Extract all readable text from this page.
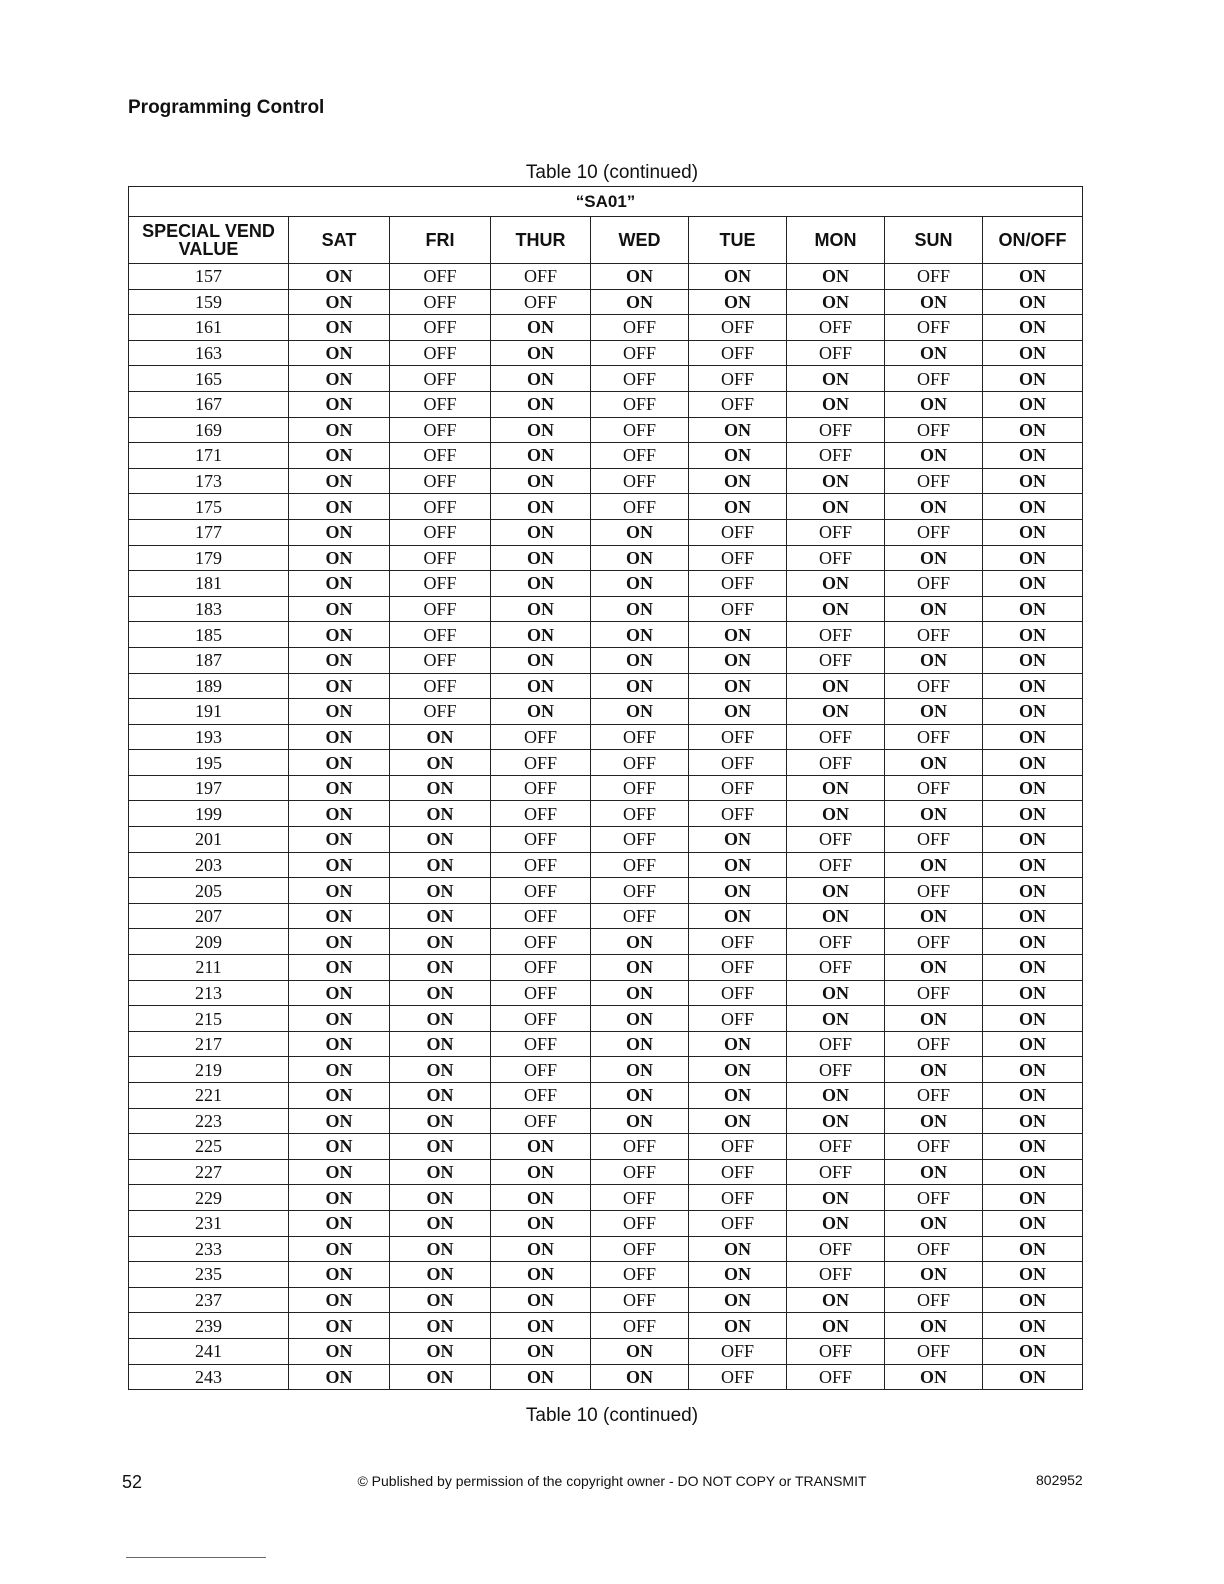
Programming Control
Table 10 (continued)
“SA01”								
SPECIAL VEND VALUE	SAT	FRI	THUR	WED	TUE	MON	SUN	ON/OFF
157	ON	OFF	OFF	ON	ON	ON	OFF	ON
159	ON	OFF	OFF	ON	ON	ON	ON	ON
161	ON	OFF	ON	OFF	OFF	OFF	OFF	ON
163	ON	OFF	ON	OFF	OFF	OFF	ON	ON
165	ON	OFF	ON	OFF	OFF	ON	OFF	ON
167	ON	OFF	ON	OFF	OFF	ON	ON	ON
169	ON	OFF	ON	OFF	ON	OFF	OFF	ON
171	ON	OFF	ON	OFF	ON	OFF	ON	ON
173	ON	OFF	ON	OFF	ON	ON	OFF	ON
175	ON	OFF	ON	OFF	ON	ON	ON	ON
177	ON	OFF	ON	ON	OFF	OFF	OFF	ON
179	ON	OFF	ON	ON	OFF	OFF	ON	ON
181	ON	OFF	ON	ON	OFF	ON	OFF	ON
183	ON	OFF	ON	ON	OFF	ON	ON	ON
185	ON	OFF	ON	ON	ON	OFF	OFF	ON
187	ON	OFF	ON	ON	ON	OFF	ON	ON
189	ON	OFF	ON	ON	ON	ON	OFF	ON
191	ON	OFF	ON	ON	ON	ON	ON	ON
193	ON	ON	OFF	OFF	OFF	OFF	OFF	ON
195	ON	ON	OFF	OFF	OFF	OFF	ON	ON
197	ON	ON	OFF	OFF	OFF	ON	OFF	ON
199	ON	ON	OFF	OFF	OFF	ON	ON	ON
201	ON	ON	OFF	OFF	ON	OFF	OFF	ON
203	ON	ON	OFF	OFF	ON	OFF	ON	ON
205	ON	ON	OFF	OFF	ON	ON	OFF	ON
207	ON	ON	OFF	OFF	ON	ON	ON	ON
209	ON	ON	OFF	ON	OFF	OFF	OFF	ON
211	ON	ON	OFF	ON	OFF	OFF	ON	ON
213	ON	ON	OFF	ON	OFF	ON	OFF	ON
215	ON	ON	OFF	ON	OFF	ON	ON	ON
217	ON	ON	OFF	ON	ON	OFF	OFF	ON
219	ON	ON	OFF	ON	ON	OFF	ON	ON
221	ON	ON	OFF	ON	ON	ON	OFF	ON
223	ON	ON	OFF	ON	ON	ON	ON	ON
225	ON	ON	ON	OFF	OFF	OFF	OFF	ON
227	ON	ON	ON	OFF	OFF	OFF	ON	ON
229	ON	ON	ON	OFF	OFF	ON	OFF	ON
231	ON	ON	ON	OFF	OFF	ON	ON	ON
233	ON	ON	ON	OFF	ON	OFF	OFF	ON
235	ON	ON	ON	OFF	ON	OFF	ON	ON
237	ON	ON	ON	OFF	ON	ON	OFF	ON
239	ON	ON	ON	OFF	ON	ON	ON	ON
241	ON	ON	ON	ON	OFF	OFF	OFF	ON
243	ON	ON	ON	ON	OFF	OFF	ON	ON
Table 10 (continued)
52	© Published by permission of the copyright owner - DO NOT COPY or TRANSMIT	802952
